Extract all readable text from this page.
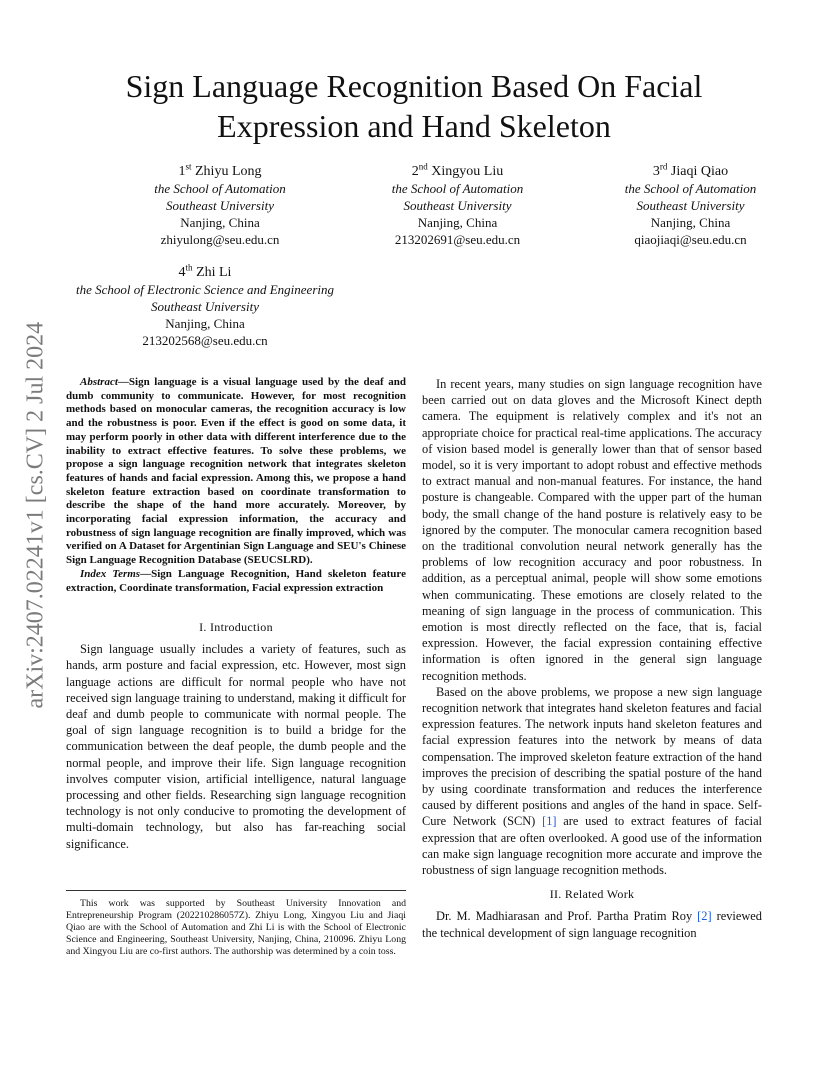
Sign Language Recognition Based On Facial
Expression and Hand Skeleton
arXiv:2407.02241v1 [cs.CV] 2 Jul 2024
1st Zhiyu Long
the School of Automation
Southeast University
Nanjing, China
zhiyulong@seu.edu.cn
2nd Xingyou Liu
the School of Automation
Southeast University
Nanjing, China
213202691@seu.edu.cn
3rd Jiaqi Qiao
the School of Automation
Southeast University
Nanjing, China
qiaojiaqi@seu.edu.cn
4th Zhi Li
the School of Electronic Science and Engineering
Southeast University
Nanjing, China
213202568@seu.edu.cn

Abstract—Sign language is a visual language used by the deaf and dumb community to communicate. However, for most recognition methods based on monocular cameras, the recognition accuracy is low and the robustness is poor. Even if the effect is good on some data, it may perform poorly in other data with different interference due to the inability to extract effective features. To solve these problems, we propose a sign language recognition network that integrates skeleton features of hands and facial expression. Among this, we propose a hand skeleton feature extraction based on coordinate transformation to describe the shape of the hand more accurately. Moreover, by incorporating facial expression information, the accuracy and robustness of sign language recognition are finally improved, which was verified on A Dataset for Argentinian Sign Language and SEU's Chinese Sign Language Recognition Database (SEUCSLRD).

Index Terms—Sign Language Recognition, Hand skeleton feature extraction, Coordinate transformation, Facial expression extraction

I. Introduction

Sign language usually includes a variety of features, such as hands, arm posture and facial expression, etc. However, most sign language actions are difficult for normal people who have not received sign language training to understand, making it difficult for deaf and dumb people to communicate with normal people. The goal of sign language recognition is to build a bridge for the communication between the deaf people, the dumb people and the normal people, and improve their life. Sign language recognition involves computer vision, artificial intelligence, natural language processing and other fields. Researching sign language recognition technology is not only conducive to promoting the development of multi-domain technology, but also has far-reaching social significance.

This work was supported by Southeast University Innovation and Entrepreneurship Program (202210286057Z). Zhiyu Long, Xingyou Liu and Jiaqi Qiao are with the School of Automation and Zhi Li is with the School of Electronic Science and Engineering, Southeast University, Nanjing, China, 210096. Zhiyu Long and Xingyou Liu are co-first authors. The authorship was determined by a coin toss.

In recent years, many studies on sign language recognition have been carried out on data gloves and the Microsoft Kinect depth camera. The equipment is relatively complex and it's not an appropriate choice for practical real-time applications. The accuracy of vision based model is generally lower than that of sensor based model, so it is very important to adopt robust and effective methods to extract manual and non-manual features. For instance, the hand posture is changeable. Compared with the upper part of the human body, the small change of the hand posture is relatively easy to be ignored by the computer. The monocular camera recognition based on the traditional convolution neural network generally has the problems of low recognition accuracy and poor robustness. In addition, as a perceptual animal, people will show some emotions when communicating. These emotions are closely related to the meaning of sign language in the process of communication. This emotion is most directly reflected on the face, that is, facial expression. However, the facial expression containing effective information is often ignored in the general sign language recognition methods.

Based on the above problems, we propose a new sign language recognition network that integrates hand skeleton features and facial expression features. The network inputs hand skeleton features and facial expression features into the network by means of data compensation. The improved skeleton feature extraction of the hand improves the precision of describing the spatial posture of the hand by using coordinate transformation and reduces the interference caused by different positions and angles of the hand in space. Self-Cure Network (SCN) [1] are used to extract features of facial expression that are often overlooked. A good use of the information can make sign language recognition more accurate and improve the robustness of sign language recognition methods.

II. Related Work

Dr. M. Madhiarasan and Prof. Partha Pratim Roy [2] reviewed the technical development of sign language recognition
